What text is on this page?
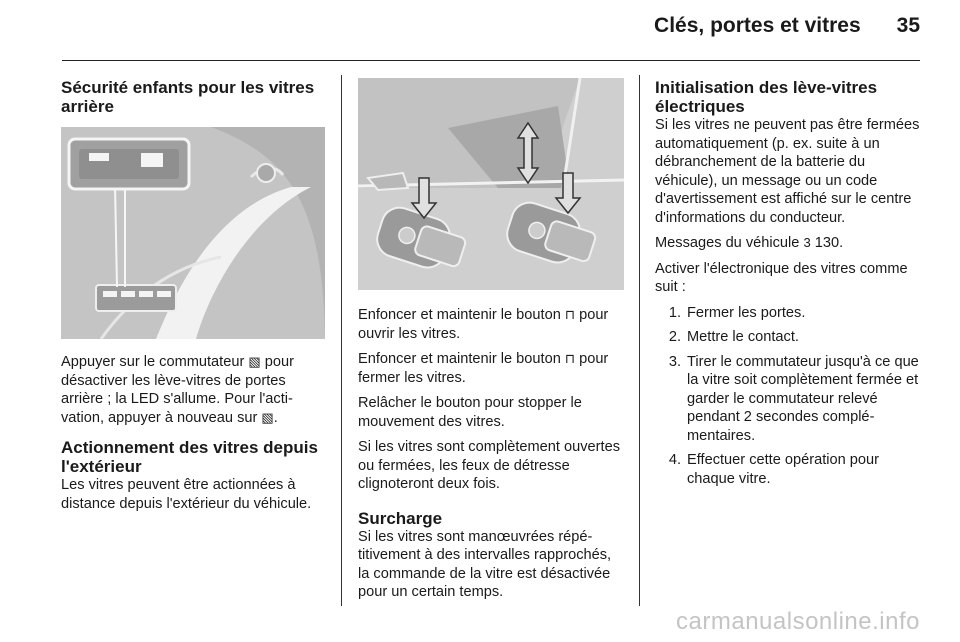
Clés, portes et vitres 35
Sécurité enfants pour les vitres arrière

Appuyer sur le commutateur ▧ pour désactiver les lève-vitres de portes arrière ; la LED s'allume. Pour l'activation, appuyer à nouveau sur ▧.

Actionnement des vitres depuis l'extérieur

Les vitres peuvent être actionnées à distance depuis l'extérieur du véhicule.

Enfoncer et maintenir le bouton ⊓ pour ouvrir les vitres.

Enfoncer et maintenir le bouton ⊓ pour fermer les vitres.

Relâcher le bouton pour stopper le mouvement des vitres.

Si les vitres sont complètement ouvertes ou fermées, les feux de détresse clignoteront deux fois.

Surcharge

Si les vitres sont manœuvrées répétitivement à des intervalles rapprochés, la commande de la vitre est désactivée pour un certain temps.

Initialisation des lève-vitres électriques

Si les vitres ne peuvent pas être fermées automatiquement (p. ex. suite à un débranchement de la batterie du véhicule), un message ou un code d'avertissement est affiché sur le centre d'informations du conducteur.

Messages du véhicule 3 130.

Activer l'électronique des vitres comme suit :

1. Fermer les portes.
2. Mettre le contact.
3. Tirer le commutateur jusqu'à ce que la vitre soit complètement fermée et garder le commutateur relevé pendant 2 secondes complémentaires.
4. Effectuer cette opération pour chaque vitre.
carmanualsonline.info
